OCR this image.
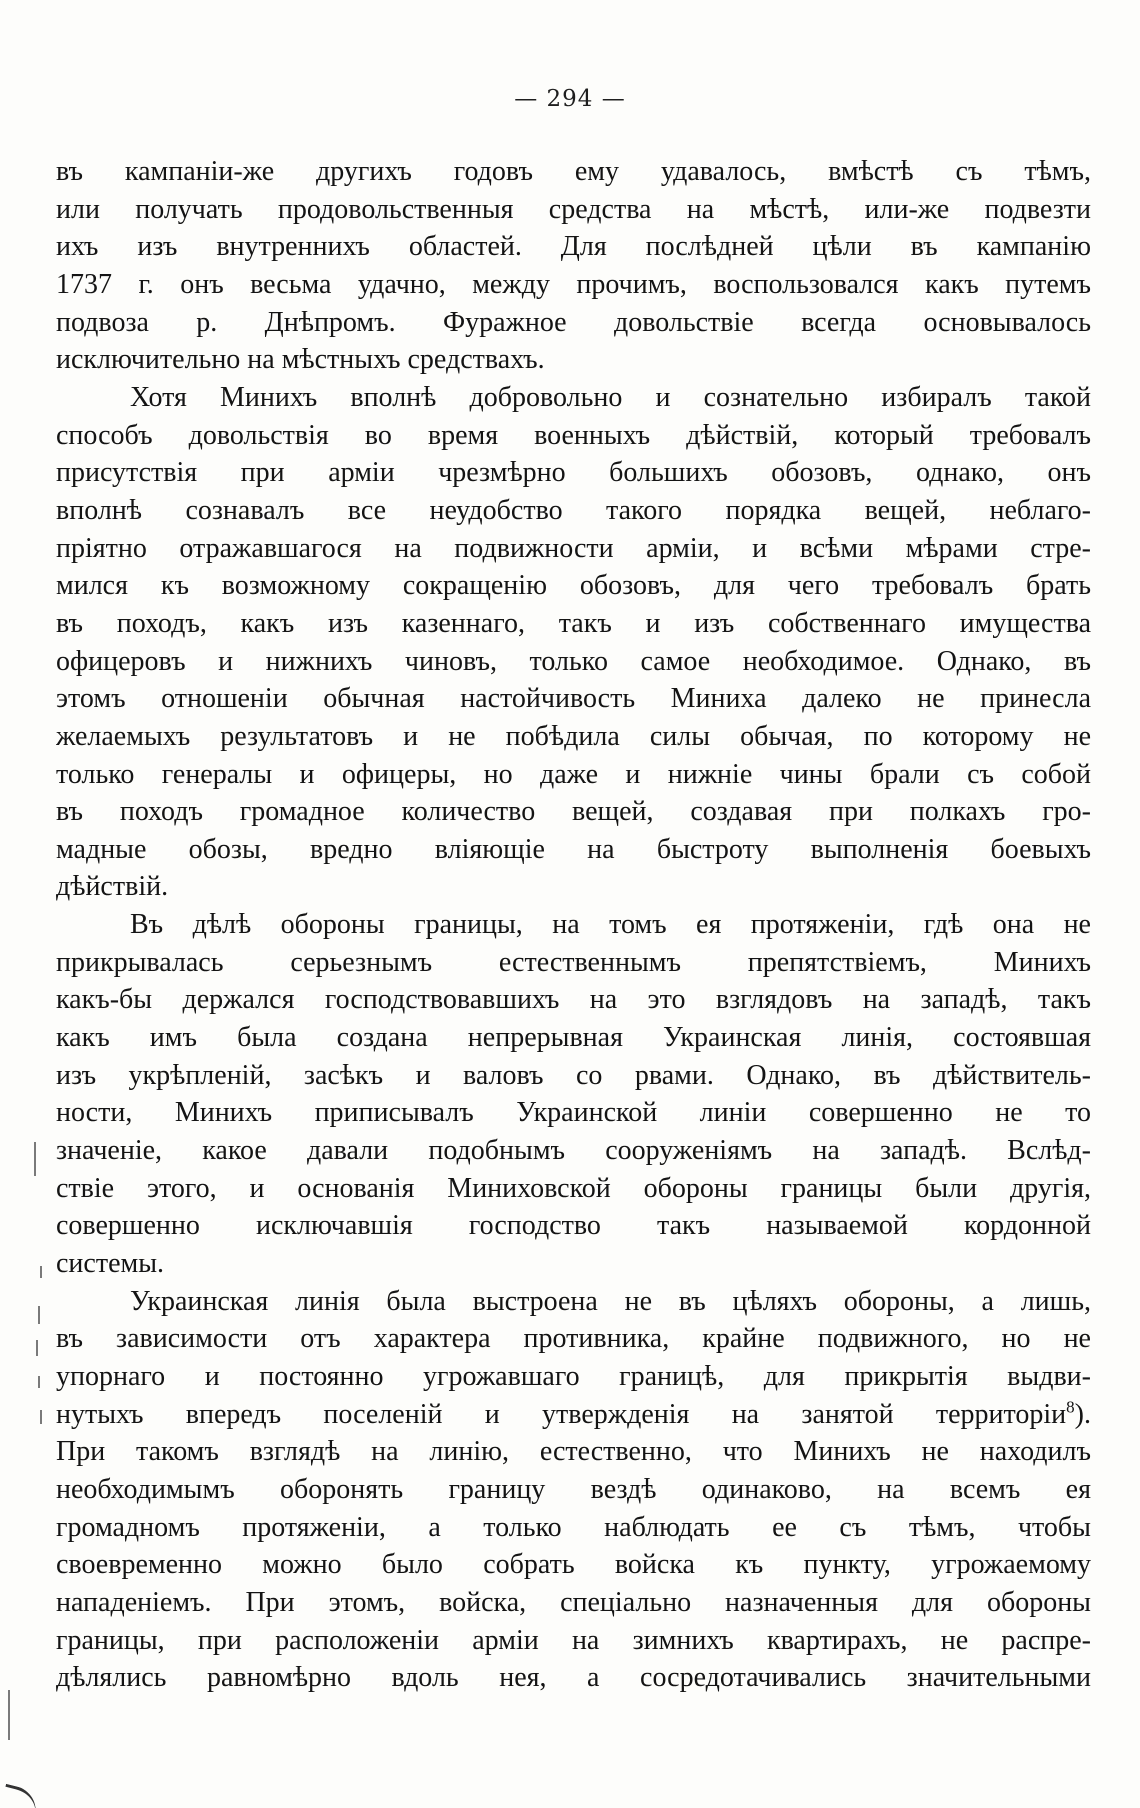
— 294 —
въ кампаніи-же другихъ годовъ ему удавалось, вмѣстѣ съ тѣмъ,
или получать продовольственныя средства на мѣстѣ, или-же подвезти
ихъ изъ внутреннихъ областей. Для послѣдней цѣли въ кампанію
1737 г. онъ весьма удачно, между прочимъ, воспользовался какъ путемъ
подвоза р. Днѣпромъ. Фуражное довольствіе всегда основывалось
исключительно на мѣстныхъ средствахъ.
Хотя Минихъ вполнѣ добровольно и сознательно избиралъ такой
способъ довольствія во время военныхъ дѣйствій, который требовалъ
присутствія при арміи чрезмѣрно большихъ обозовъ, однако, онъ
вполнѣ сознавалъ все неудобство такого порядка вещей, неблаго-
пріятно отражавшагося на подвижности арміи, и всѣми мѣрами стре-
мился къ возможному сокращенію обозовъ, для чего требовалъ брать
въ походъ, какъ изъ казеннаго, такъ и изъ собственнаго имущества
офицеровъ и нижнихъ чиновъ, только самое необходимое. Однако, въ
этомъ отношеніи обычная настойчивость Миниха далеко не принесла
желаемыхъ результатовъ и не побѣдила силы обычая, по которому не
только генералы и офицеры, но даже и нижніе чины брали съ собой
въ походъ громадное количество вещей, создавая при полкахъ гро-
мадные обозы, вредно вліяющіе на быстроту выполненія боевыхъ
дѣйствій.
Въ дѣлѣ обороны границы, на томъ ея протяженіи, гдѣ она не
прикрывалась серьезнымъ естественнымъ препятствіемъ, Минихъ
какъ-бы держался господствовавшихъ на это взглядовъ на западѣ, такъ
какъ имъ была создана непрерывная Украинская линія, состоявшая
изъ укрѣпленій, засѣкъ и валовъ со рвами. Однако, въ дѣйствитель-
ности, Минихъ приписывалъ Украинской линіи совершенно не то
значеніе, какое давали подобнымъ сооруженіямъ на западѣ. Вслѣд-
ствіе этого, и основанія Миниховской обороны границы были другія,
совершенно исключавшія господство такъ называемой кордонной
системы.
Украинская линія была выстроена не въ цѣляхъ обороны, а лишь,
въ зависимости отъ характера противника, крайне подвижного, но не
упорнаго и постоянно угрожавшаго границѣ, для прикрытія выдви-
нутыхъ впередъ поселеній и утвержденія на занятой территоріи$^8$).
При такомъ взглядѣ на линію, естественно, что Минихъ не находилъ
необходимымъ оборонять границу вездѣ одинаково, на всемъ ея
громадномъ протяженіи, а только наблюдать ее съ тѣмъ, чтобы
своевременно можно было собрать войска къ пункту, угрожаемому
нападеніемъ. При этомъ, войска, спеціально назначенныя для обороны
границы, при расположеніи арміи на зимнихъ квартирахъ, не распре-
дѣлялись равномѣрно вдоль нея, а сосредотачивались значительными
